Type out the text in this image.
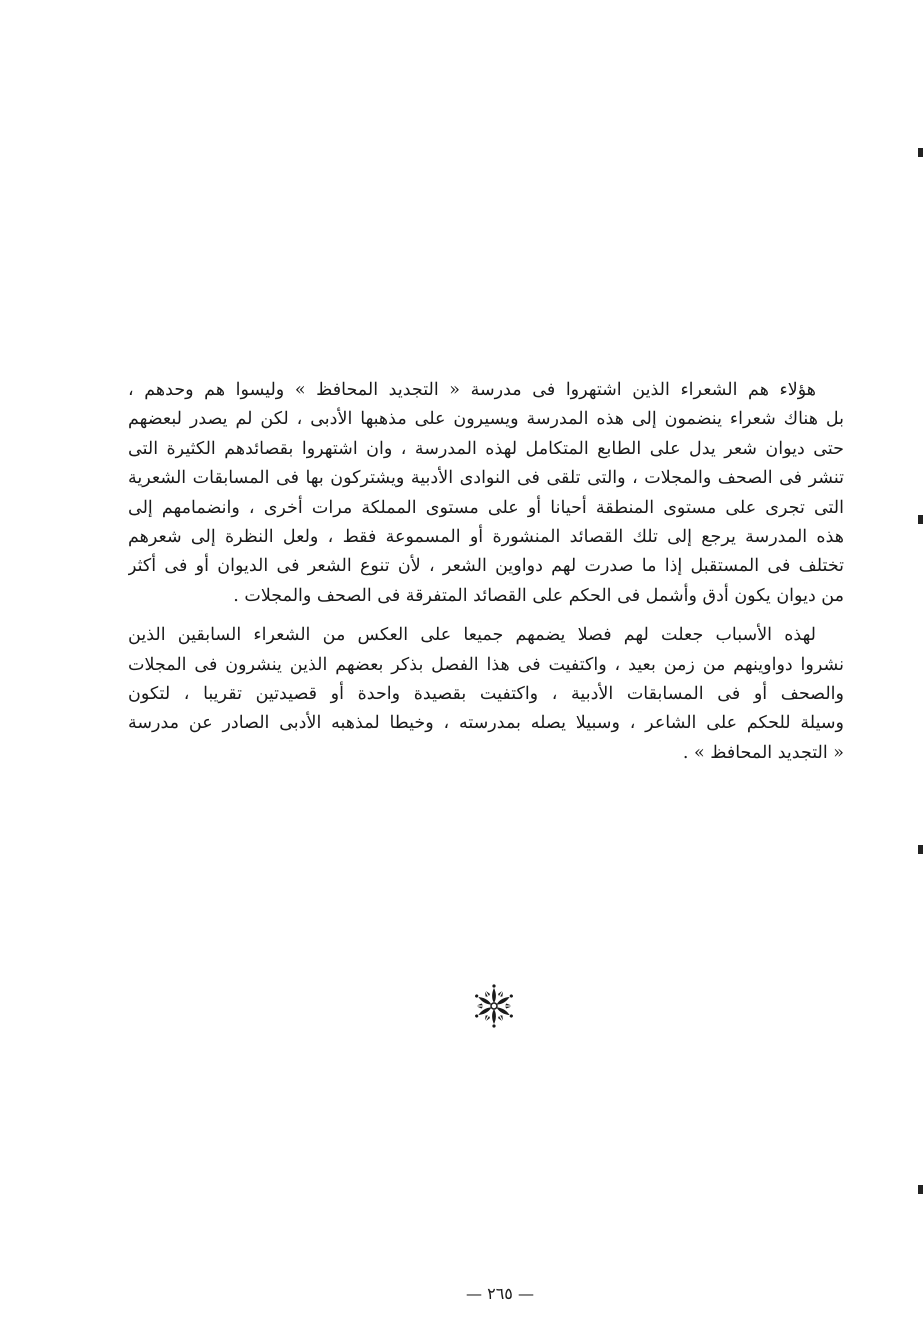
هؤلاء هم الشعراء الذين اشتهروا فى مدرسة « التجديد المحافظ » وليسوا هم وحدهم ،
بل هناك شعراء ينضمون إلى هذه المدرسة ويسيرون على مذهبها الأدبى ، لكن لم يصدر لبعضهم
حتى ديوان شعر يدل على الطابع المتكامل لهذه المدرسة ، وان اشتهروا بقصائدهم الكثيرة التى
تنشر فى الصحف والمجلات ، والتى تلقى فى النوادى الأدبية ويشتركون بها فى المسابقات الشعرية
التى تجرى على مستوى المنطقة أحيانا أو على مستوى المملكة مرات أخرى ، وانضمامهم إلى
هذه المدرسة يرجع إلى تلك القصائد المنشورة أو المسموعة فقط ، ولعل النظرة إلى شعرهم
تختلف فى المستقبل إذا ما صدرت لهم دواوين الشعر ، لأن تنوع الشعر فى الديوان أو فى أكثر
من ديوان يكون أدق وأشمل فى الحكم على القصائد المتفرقة فى الصحف والمجلات .
لهذه الأسباب جعلت لهم فصلا يضمهم جميعا على العكس من الشعراء السابقين الذين
نشروا دواوينهم من زمن بعيد ، واكتفيت فى هذا الفصل بذكر بعضهم الذين ينشرون فى المجلات
والصحف أو فى المسابقات الأدبية ، واكتفيت بقصيدة واحدة أو قصيدتين تقريبا ، لتكون
وسيلة للحكم على الشاعر ، وسبيلا يصله بمدرسته ، وخيطا لمذهبه الأدبى الصادر عن مدرسة
« التجديد المحافظ » .
— ٢٦٥ —
